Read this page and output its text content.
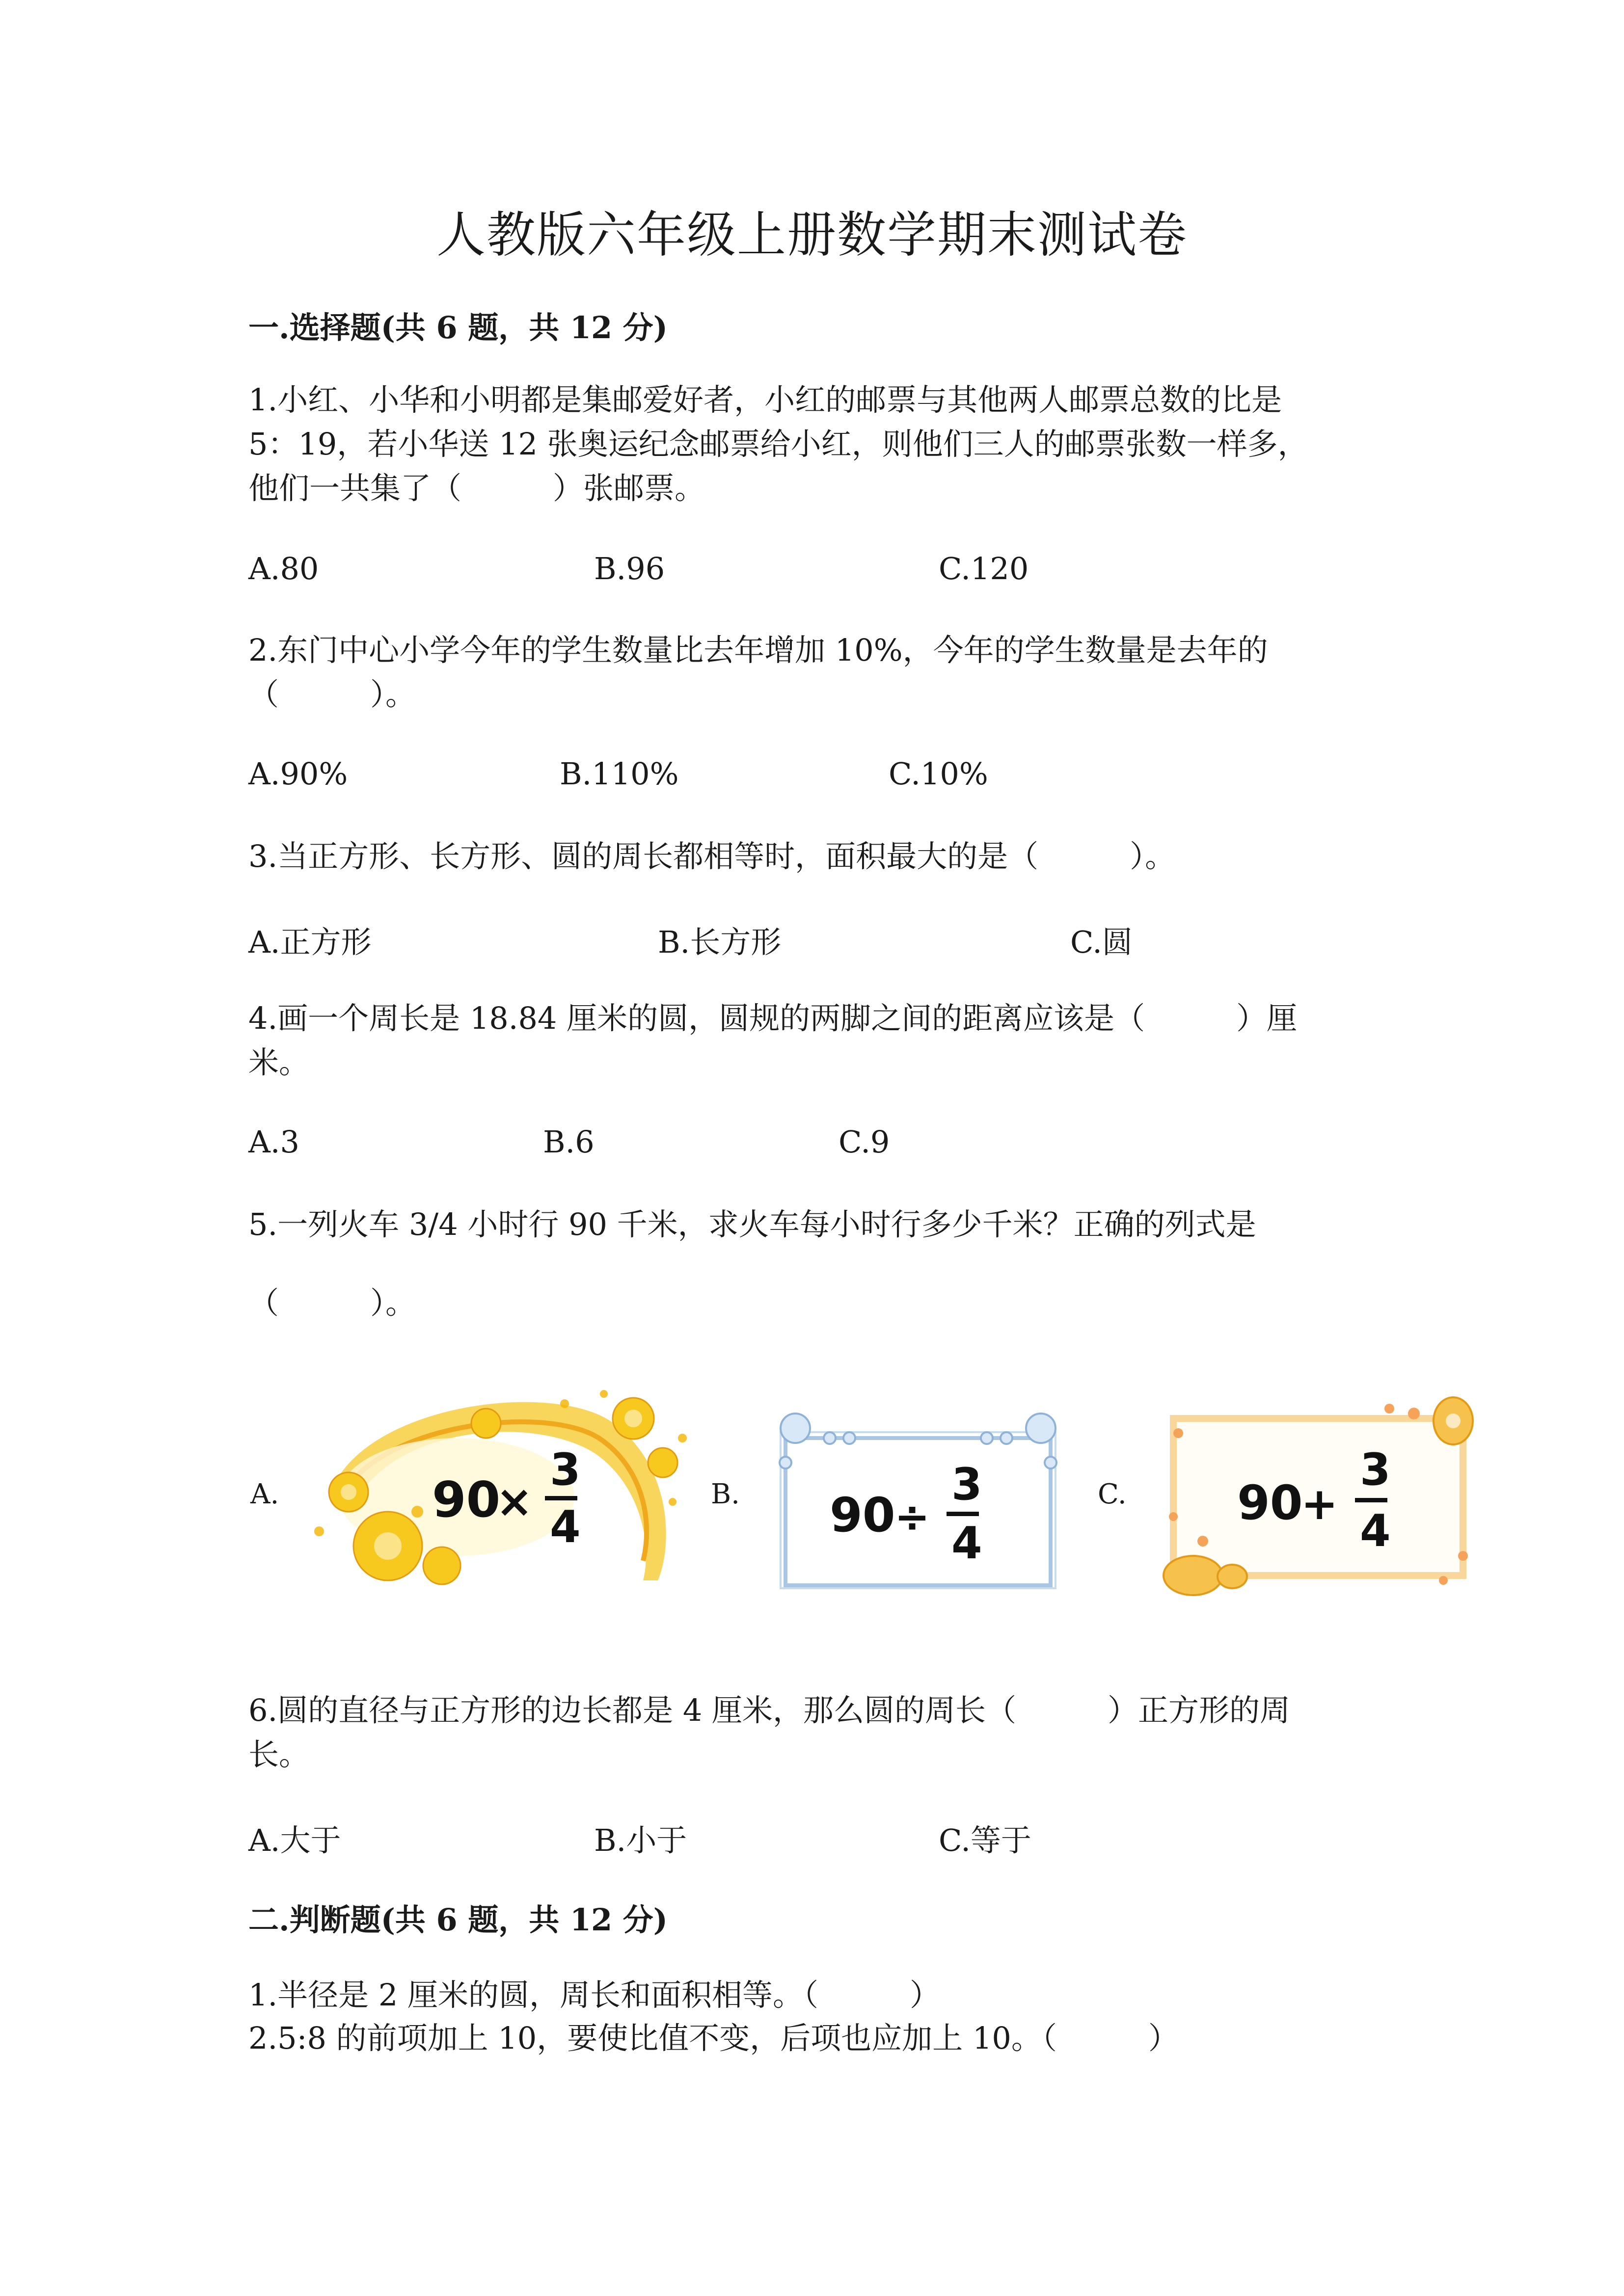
人教版六年级上册数学期末测试卷
一.选择题(共 6 题，共 12 分)
1.小红、小华和小明都是集邮爱好者，小红的邮票与其他两人邮票总数的比是
5：19，若小华送 12 张奥运纪念邮票给小红，则他们三人的邮票张数一样多，
他们一共集了（　　　）张邮票。
A.80	B.96	C.120
2.东门中心小学今年的学生数量比去年增加 10%，今年的学生数量是去年的
（　　　）。
A.90%	B.110%	C.10%
3.当正方形、长方形、圆的周长都相等时，面积最大的是（　　　）。
A.正方形	B.长方形	C.圆
4.画一个周长是 18.84 厘米的圆，圆规的两脚之间的距离应该是（　　　）厘
米。
A.3	B.6	C.9
5.一列火车 3/4 小时行 90 千米，求火车每小时行多少千米？正确的列式是
（　　　）。
A.	B.	C.
90
×
3
4	90
÷
3
4
90
+
3
4
6.圆的直径与正方形的边长都是 4 厘米，那么圆的周长（　　　）正方形的周
长。
A.大于	B.小于	C.等于
二.判断题(共 6 题，共 12 分)
1.半径是 2 厘米的圆，周长和面积相等。（　　　）
2.5:8 的前项加上 10，要使比值不变，后项也应加上 10。（　　　）
